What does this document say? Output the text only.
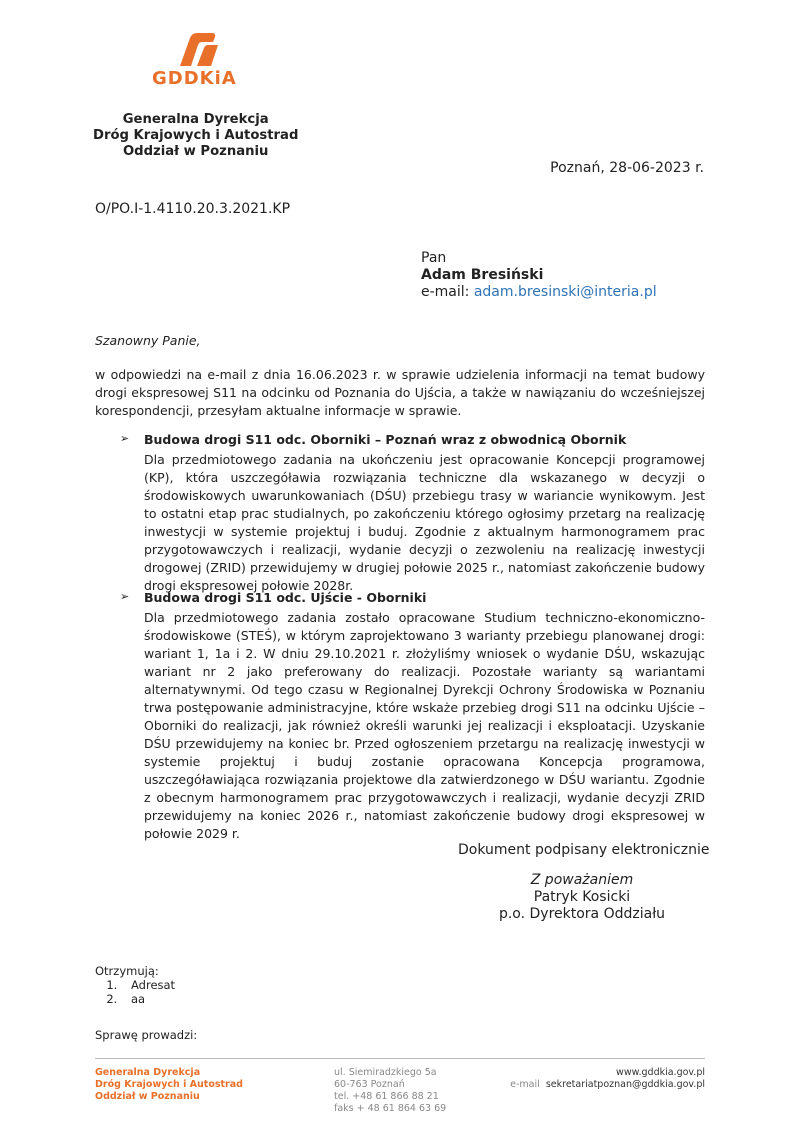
GDDKiA
Generalna Dyrekcja
Dróg Krajowych i Autostrad
Oddział w Poznaniu
Poznań, 28-06-2023 r.
O/PO.I-1.4110.20.3.2021.KP
Pan
Adam Bresiński
e-mail: adam.bresinski@interia.pl
Szanowny Panie,
w odpowiedzi na e-mail z dnia 16.06.2023 r. w sprawie udzielenia informacji na temat budowy drogi ekspresowej S11 na odcinku od Poznania do Ujścia, a także w nawiązaniu do wcześniejszej korespondencji, przesyłam aktualne informacje w sprawie.
➢	Budowa drogi S11 odc. Oborniki – Poznań wraz z obwodnicą Obornik
Dla przedmiotowego zadania na ukończeniu jest opracowanie Koncepcji programowej (KP), która uszczegóławia rozwiązania techniczne dla wskazanego w decyzji o środowiskowych uwarunkowaniach (DŚU) przebiegu trasy w wariancie wynikowym. Jest to ostatni etap prac studialnych, po zakończeniu którego ogłosimy przetarg na realizację inwestycji w systemie projektuj i buduj. Zgodnie z aktualnym harmonogramem prac przygotowawczych i realizacji, wydanie decyzji o zezwoleniu na realizację inwestycji drogowej (ZRID) przewidujemy w drugiej połowie 2025 r., natomiast zakończenie budowy drogi ekspresowej połowie 2028r.
➢	Budowa drogi S11 odc. Ujście - Oborniki
Dla przedmiotowego zadania zostało opracowane Studium techniczno-ekonomiczno-środowiskowe (STEŚ), w którym zaprojektowano 3 warianty przebiegu planowanej drogi: wariant 1, 1a i 2. W dniu 29.10.2021 r. złożyliśmy wniosek o wydanie DŚU, wskazując wariant nr 2 jako preferowany do realizacji. Pozostałe warianty są wariantami alternatywnymi. Od tego czasu w Regionalnej Dyrekcji Ochrony Środowiska w Poznaniu trwa postępowanie administracyjne, które wskaże przebieg drogi S11 na odcinku Ujście – Oborniki do realizacji, jak również określi warunki jej realizacji i eksploatacji. Uzyskanie DŚU przewidujemy na koniec br. Przed ogłoszeniem przetargu na realizację inwestycji w systemie projektuj i buduj zostanie opracowana Koncepcja programowa, uszczegóławiająca rozwiązania projektowe dla zatwierdzonego w DŚU wariantu. Zgodnie z obecnym harmonogramem prac przygotowawczych i realizacji, wydanie decyzji ZRID przewidujemy na koniec 2026 r., natomiast zakończenie budowy drogi ekspresowej w połowie 2029 r.
Dokument podpisany elektronicznie
Z poważaniem
Patryk Kosicki
p.o. Dyrektora Oddziału
Otrzymują:
1. Adresat
2. aa
Sprawę prowadzi:
Generalna Dyrekcja
Dróg Krajowych i Autostrad
Oddział w Poznaniu
ul. Siemiradzkiego 5a
60-763 Poznań
tel. +48 61 866 88 21
faks + 48 61 864 63 69
www.gddkia.gov.pl
e-mail sekretariatpoznan@gddkia.gov.pl
